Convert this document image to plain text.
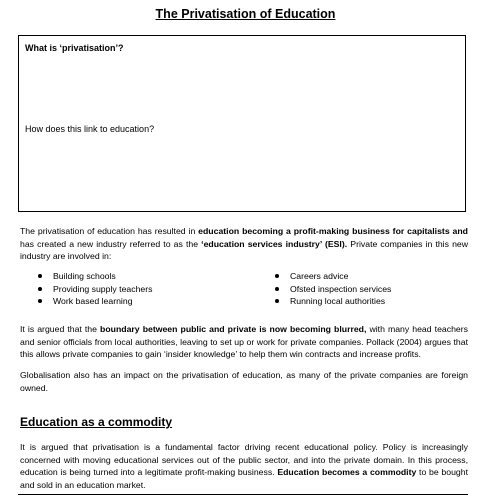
The Privatisation of Education
What is ‘privatisation’?
How does this link to education?
The privatisation of education has resulted in education becoming a profit-making business for capitalists and has created a new industry referred to as the ‘education services industry’ (ESI). Private companies in this new industry are involved in:
Building schools
Providing supply teachers
Work based learning
Careers advice
Ofsted inspection services
Running local authorities
It is argued that the boundary between public and private is now becoming blurred, with many head teachers and senior officials from local authorities, leaving to set up or work for private companies. Pollack (2004) argues that this allows private companies to gain ‘insider knowledge’ to help them win contracts and increase profits.
Globalisation also has an impact on the privatisation of education, as many of the private companies are foreign owned.
Education as a commodity
It is argued that privatisation is a fundamental factor driving recent educational policy. Policy is increasingly concerned with moving educational services out of the public sector, and into the private domain. In this process, education is being turned into a legitimate profit-making business. Education becomes a commodity to be bought and sold in an education market.
